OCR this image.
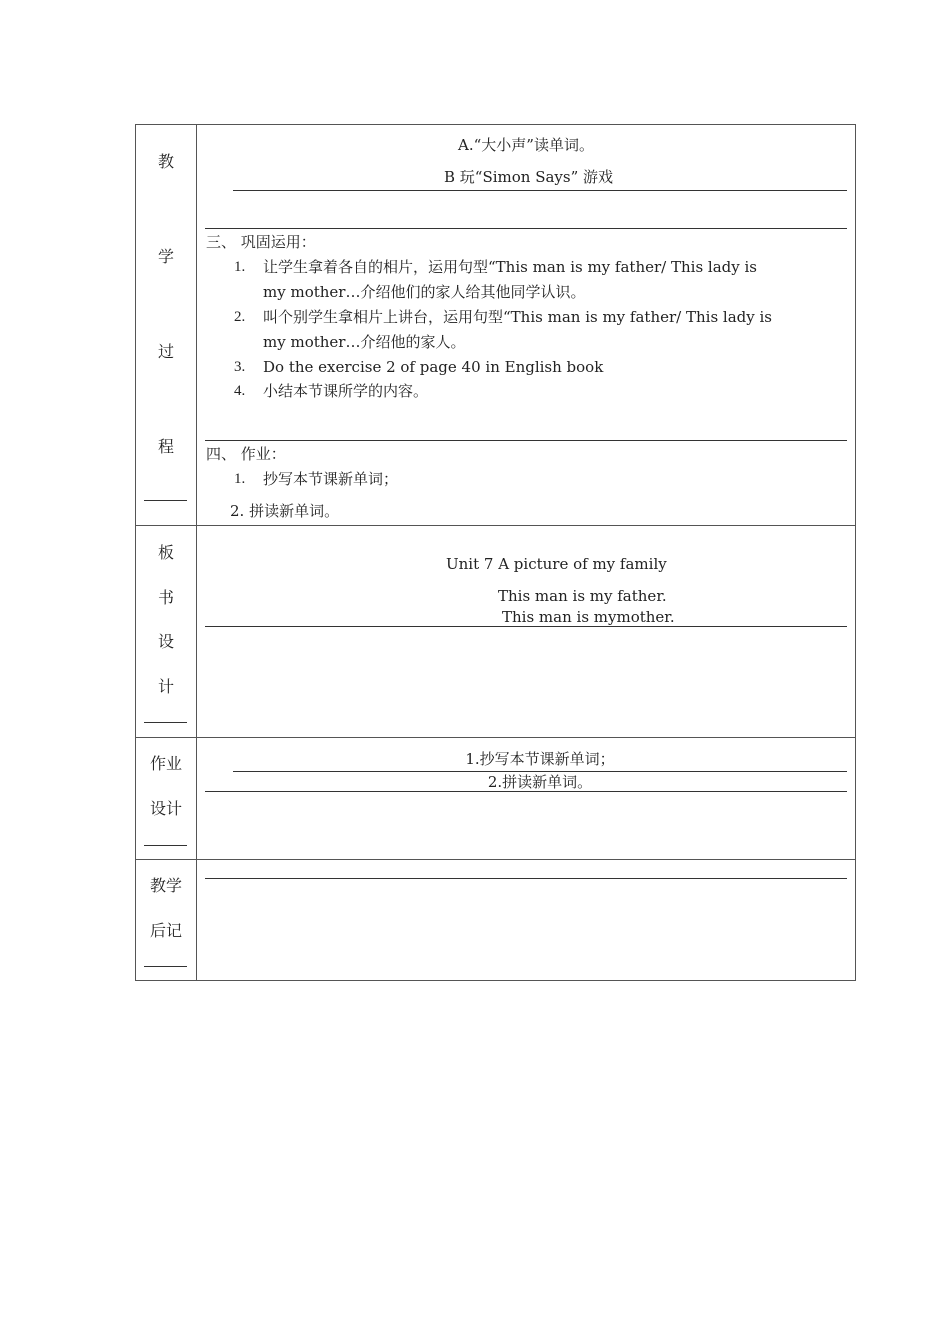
教
学
过
程
A.“大小声”读单词。
B 玩“Simon Says” 游戏
三、 巩固运用：
1. 让学生拿着各自的相片，运用句型“This man is my father/ This lady is
my mother…介绍他们的家人给其他同学认识。
2. 叫个别学生拿相片上讲台，运用句型“This man is my father/ This lady is
my mother…介绍他的家人。
3. Do the exercise 2 of page 40 in English book
4. 小结本节课所学的内容。
四、 作业：
1. 抄写本节课新单词；
2. 拼读新单词。
板
书
设
计
Unit 7 A picture of my family
This man is my father.
This man is mymother.
作业
设计
1.抄写本节课新单词；
2.拼读新单词。
教学
后记
